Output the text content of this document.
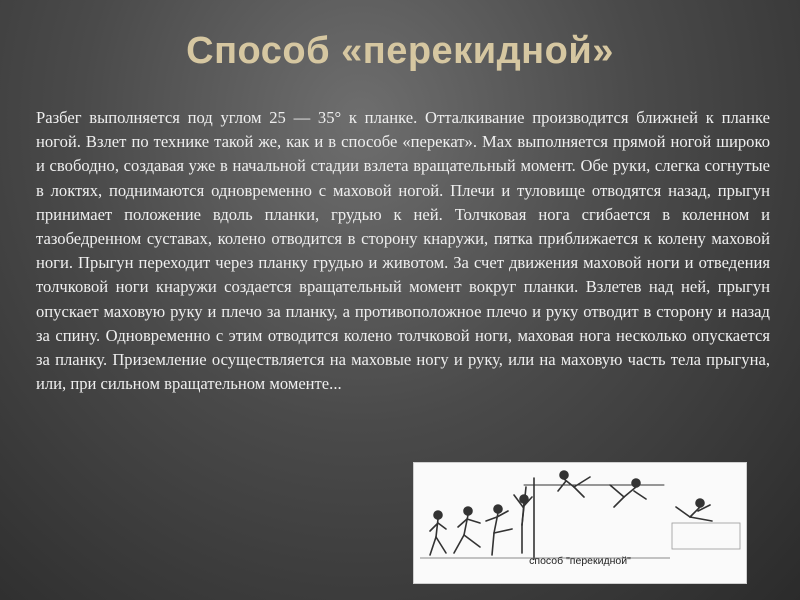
Способ «перекидной»
Разбег выполняется под углом 25 — 35° к планке. Отталкивание производится ближней к планке ногой. Взлет по технике такой же, как и в способе «перекат». Мах выполняется прямой ногой широко и свободно, создавая уже в начальной стадии взлета вращательный момент. Обе руки, слегка согнутые в локтях, поднимаются одновременно с маховой ногой. Плечи и туловище отводятся назад, прыгун принимает положение вдоль планки, грудью к ней. Толчковая нога сгибается в коленном и тазобедренном суставах, колено отводится в сторону кнаружи, пятка приближается к колену маховой ноги. Прыгун переходит через планку грудью и животом. За счет движения маховой ноги и отведения толчковой ноги кнаружи создается вращательный момент вокруг планки. Взлетев над ней, прыгун опускает маховую руку и плечо за планку, а противоположное плечо и руку отводит в сторону и назад за спину. Одновременно с этим отводится колено толчковой ноги, маховая нога несколько опускается за планку. Приземление осуществляется на маховые ногу и руку, или на маховую часть тела прыгуна, или, при сильном вращательном моменте...
способ "перекидной"
